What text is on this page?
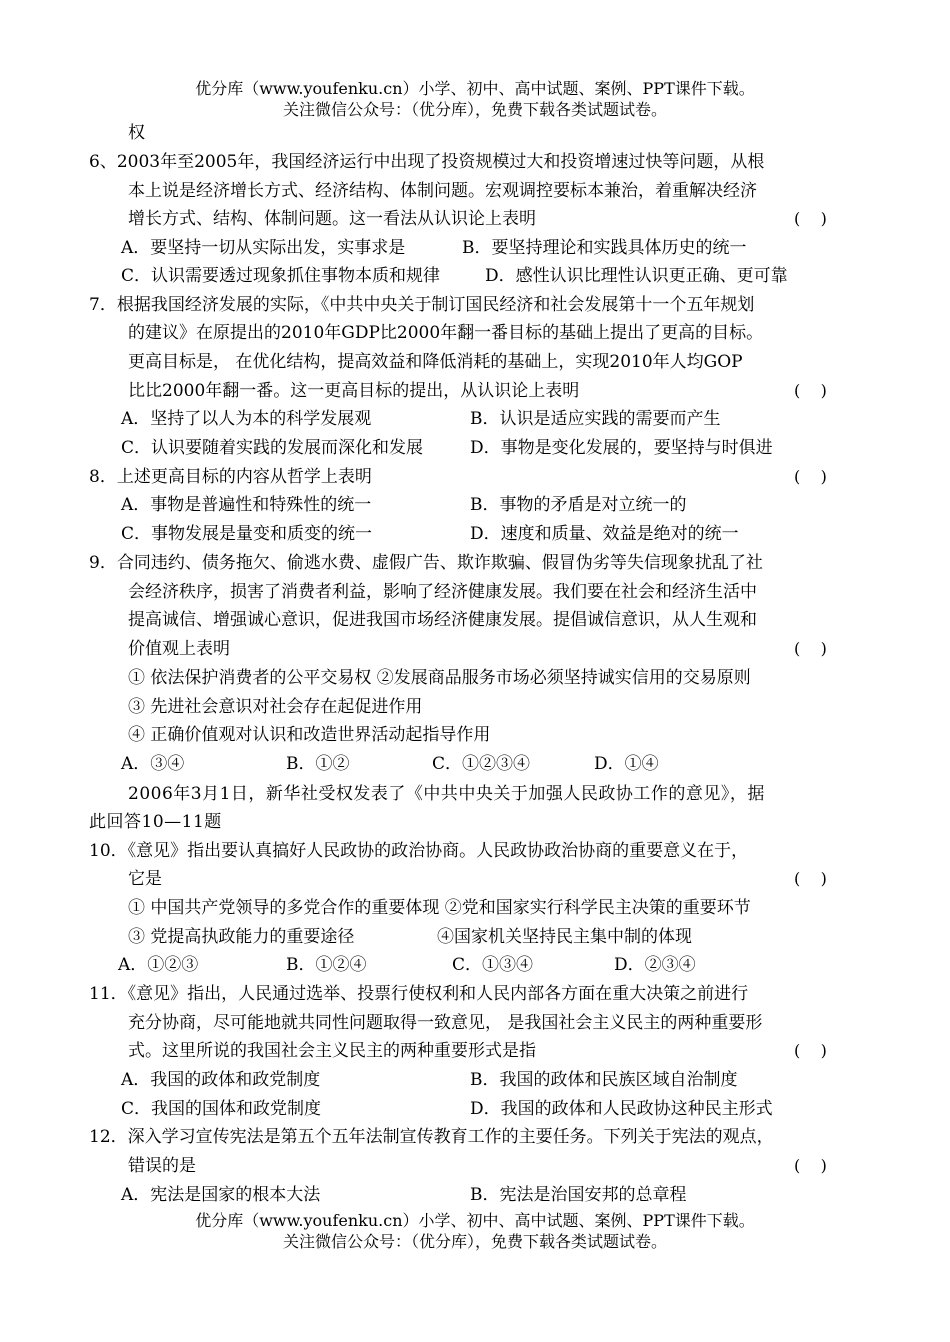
优分库（www.youfenku.cn）小学、初中、高中试题、案例、PPT课件下载。
关注微信公众号：（优分库），免费下载各类试题试卷。
权
6、2003年至2005年，我国经济运行中出现了投资规模过大和投资增速过快等问题，从根
本上说是经济增长方式、经济结构、体制问题。宏观调控要标本兼治，着重解决经济
增长方式、结构、体制问题。这一看法从认识论上表明	(    )
A．要坚持一切从实际出发，实事求是	B．要坚持理论和实践具体历史的统一
C．认识需要透过现象抓住事物本质和规律	D．感性认识比理性认识更正确、更可靠
7．根据我国经济发展的实际，《中共中央关于制订国民经济和社会发展第十一个五年规划
的建议》在原提出的2010年GDP比2000年翻一番目标的基础上提出了更高的目标。
更高目标是， 在优化结构，提高效益和降低消耗的基础上，实现2010年人均GOP
比比2000年翻一番。这一更高目标的提出，从认识论上表明	(    )
A．坚持了以人为本的科学发展观	B．认识是适应实践的需要而产生
C．认识要随着实践的发展而深化和发展	D．事物是变化发展的，要坚持与时俱进
8．上述更高目标的内容从哲学上表明	(    )
A．事物是普遍性和特殊性的统一	B．事物的矛盾是对立统一的
C．事物发展是量变和质变的统一	D．速度和质量、效益是绝对的统一
9．合同违约、债务拖欠、偷逃水费、虚假广告、欺诈欺骗、假冒伪劣等失信现象扰乱了社
会经济秩序，损害了消费者利益，影响了经济健康发展。我们要在社会和经济生活中
提高诚信、增强诚心意识，促进我国市场经济健康发展。提倡诚信意识，从人生观和
价值观上表明	(    )
① 依法保护消费者的公平交易权 ②发展商品服务市场必须坚持诚实信用的交易原则
③ 先进社会意识对社会存在起促进作用
④ 正确价值观对认识和改造世界活动起指导作用
A．③④	B．①②	C．①②③④	D．①④
2006年3月1日，新华社受权发表了《中共中央关于加强人民政协工作的意见》，据
此回答10—11题
10．《意见》指出要认真搞好人民政协的政治协商。人民政协政治协商的重要意义在于，
它是	(    )
① 中国共产党领导的多党合作的重要体现 ②党和国家实行科学民主决策的重要环节
③ 党提高执政能力的重要途径	④国家机关坚持民主集中制的体现
A．①②③	B．①②④	C．①③④	D．②③④
11．《意见》指出，人民通过选举、投票行使权利和人民内部各方面在重大决策之前进行
充分协商，尽可能地就共同性问题取得一致意见， 是我国社会主义民主的两种重要形
式。这里所说的我国社会主义民主的两种重要形式是指	(    )
A．我国的政体和政党制度	B．我国的政体和民族区域自治制度
C．我国的国体和政党制度	D．我国的政体和人民政协这种民主形式
12．深入学习宣传宪法是第五个五年法制宣传教育工作的主要任务。下列关于宪法的观点，
错误的是	(    )
A．宪法是国家的根本大法	B．宪法是治国安邦的总章程
优分库（www.youfenku.cn）小学、初中、高中试题、案例、PPT课件下载。
关注微信公众号：（优分库），免费下载各类试题试卷。
